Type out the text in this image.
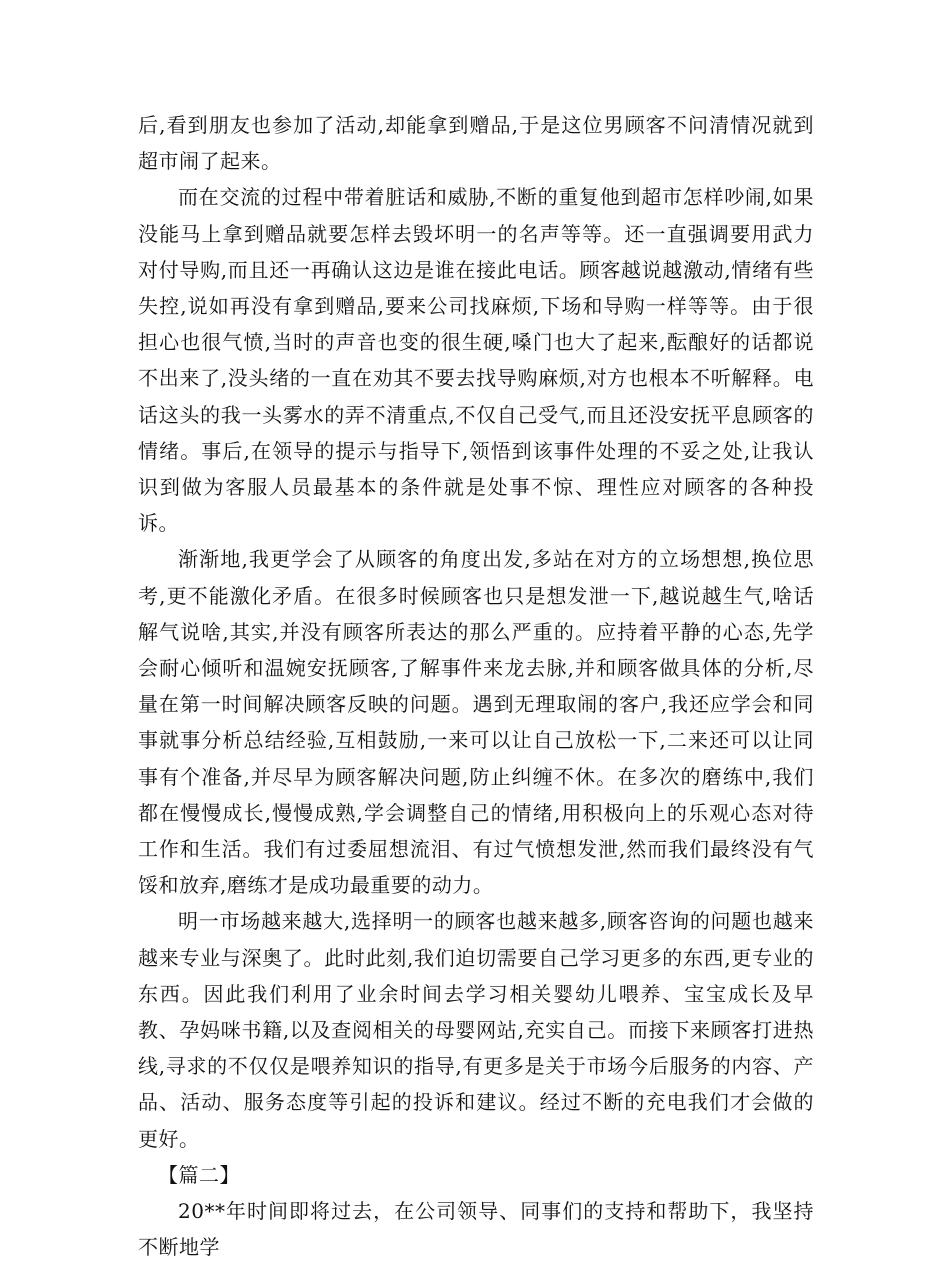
后,看到朋友也参加了活动,却能拿到赠品,于是这位男顾客不问清情况就到超市闹了起来。

而在交流的过程中带着脏话和威胁,不断的重复他到超市怎样吵闹,如果没能马上拿到赠品就要怎样去毁坏明一的名声等等。还一直强调要用武力对付导购,而且还一再确认这边是谁在接此电话。顾客越说越激动,情绪有些失控,说如再没有拿到赠品,要来公司找麻烦,下场和导购一样等等。由于很担心也很气愤,当时的声音也变的很生硬,嗓门也大了起来,酝酿好的话都说不出来了,没头绪的一直在劝其不要去找导购麻烦,对方也根本不听解释。电话这头的我一头雾水的弄不清重点,不仅自己受气,而且还没安抚平息顾客的情绪。事后,在领导的提示与指导下,领悟到该事件处理的不妥之处,让我认识到做为客服人员最基本的条件就是处事不惊、理性应对顾客的各种投诉。

渐渐地,我更学会了从顾客的角度出发,多站在对方的立场想想,换位思考,更不能激化矛盾。在很多时候顾客也只是想发泄一下,越说越生气,啥话解气说啥,其实,并没有顾客所表达的那么严重的。应持着平静的心态,先学会耐心倾听和温婉安抚顾客,了解事件来龙去脉,并和顾客做具体的分析,尽量在第一时间解决顾客反映的问题。遇到无理取闹的客户,我还应学会和同事就事分析总结经验,互相鼓励,一来可以让自己放松一下,二来还可以让同事有个准备,并尽早为顾客解决问题,防止纠缠不休。在多次的磨练中,我们都在慢慢成长,慢慢成熟,学会调整自己的情绪,用积极向上的乐观心态对待工作和生活。我们有过委屈想流泪、有过气愤想发泄,然而我们最终没有气馁和放弃,磨练才是成功最重要的动力。

明一市场越来越大,选择明一的顾客也越来越多,顾客咨询的问题也越来越来专业与深奥了。此时此刻,我们迫切需要自己学习更多的东西,更专业的东西。因此我们利用了业余时间去学习相关婴幼儿喂养、宝宝成长及早教、孕妈咪书籍,以及查阅相关的母婴网站,充实自己。而接下来顾客打进热线,寻求的不仅仅是喂养知识的指导,有更多是关于市场今后服务的内容、产品、活动、服务态度等引起的投诉和建议。经过不断的充电我们才会做的更好。

【篇二】

20**年时间即将过去，在公司领导、同事们的支持和帮助下，我坚持不断地学
